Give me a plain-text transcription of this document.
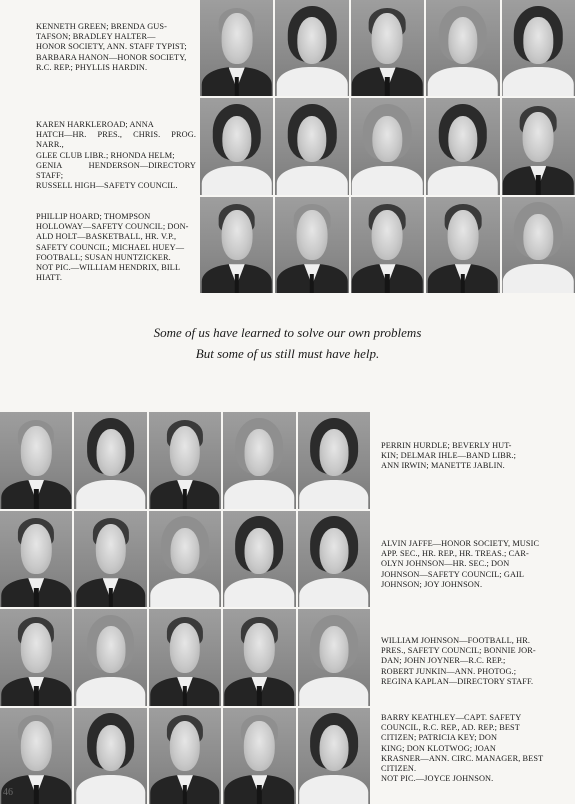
KENNETH GREEN; BRENDA GUS-

TAFSON; BRADLEY HALTER—

HONOR SOCIETY, ANN. STAFF TYPIST;

BARBARA HANON—HONOR SOCIETY,

R.C. REP.; PHYLLIS HARDIN.

KAREN HARKLEROAD; ANNA

HATCH—HR. PRES., CHRIS. PROG. NARR.,

GLEE CLUB LIBR.; RHONDA HELM;

GENIA HENDERSON—DIRECTORY STAFF;

RUSSELL HIGH—SAFETY COUNCIL.

PHILLIP HOARD; THOMPSON

HOLLOWAY—SAFETY COUNCIL; DON-

ALD HOLT—BASKETBALL, HR. V.P.,

SAFETY COUNCIL; MICHAEL HUEY—

FOOTBALL; SUSAN HUNTZICKER.

NOT PIC.—WILLIAM HENDRIX, BILL

HIATT.

Some of us have learned to solve our own problems
But some of us still must have help.

PERRIN HURDLE; BEVERLY HUT-

KIN; DELMAR IHLE—BAND LIBR.;

ANN IRWIN; MANETTE JABLIN.

ALVIN JAFFE—HONOR SOCIETY, MUSIC

APP. SEC., HR. REP., HR. TREAS.; CAR-

OLYN JOHNSON—HR. SEC.; DON

JOHNSON—SAFETY COUNCIL; GAIL

JOHNSON; JOY JOHNSON.

WILLIAM JOHNSON—FOOTBALL, HR.

PRES., SAFETY COUNCIL; BONNIE JOR-

DAN; JOHN JOYNER—R.C. REP.;

ROBERT JUNKIN—ANN. PHOTOG.;

REGINA KAPLAN—DIRECTORY STAFF.

BARRY KEATHLEY—CAPT. SAFETY

COUNCIL, R.C. REP., AD. REP.; BEST

CITIZEN; PATRICIA KEY; DON

KING; DON KLOTWOG; JOAN

KRASNER—ANN. CIRC. MANAGER, BEST

CITIZEN.

NOT PIC.—JOYCE JOHNSON.

46
